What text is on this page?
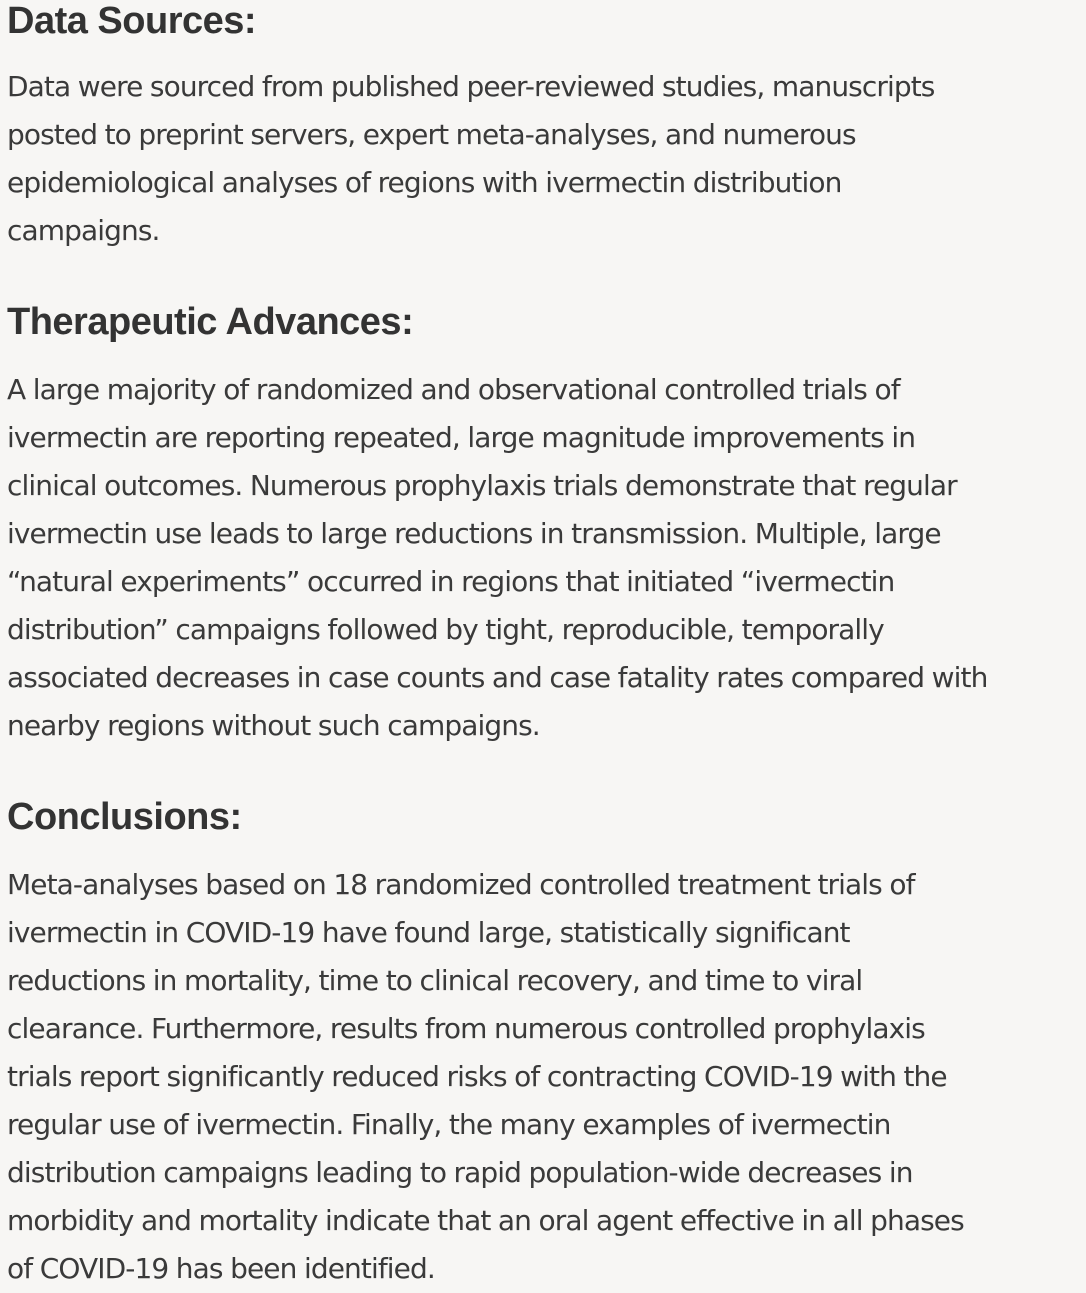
Data Sources:

Data were sourced from published peer-reviewed studies, manuscripts
posted to preprint servers, expert meta-analyses, and numerous
epidemiological analyses of regions with ivermectin distribution
campaigns.

Therapeutic Advances:

A large majority of randomized and observational controlled trials of
ivermectin are reporting repeated, large magnitude improvements in
clinical outcomes. Numerous prophylaxis trials demonstrate that regular
ivermectin use leads to large reductions in transmission. Multiple, large
“natural experiments” occurred in regions that initiated “ivermectin
distribution” campaigns followed by tight, reproducible, temporally
associated decreases in case counts and case fatality rates compared with
nearby regions without such campaigns.

Conclusions:

Meta-analyses based on 18 randomized controlled treatment trials of
ivermectin in COVID-19 have found large, statistically significant
reductions in mortality, time to clinical recovery, and time to viral
clearance. Furthermore, results from numerous controlled prophylaxis
trials report significantly reduced risks of contracting COVID-19 with the
regular use of ivermectin. Finally, the many examples of ivermectin
distribution campaigns leading to rapid population-wide decreases in
morbidity and mortality indicate that an oral agent effective in all phases
of COVID-19 has been identified.
